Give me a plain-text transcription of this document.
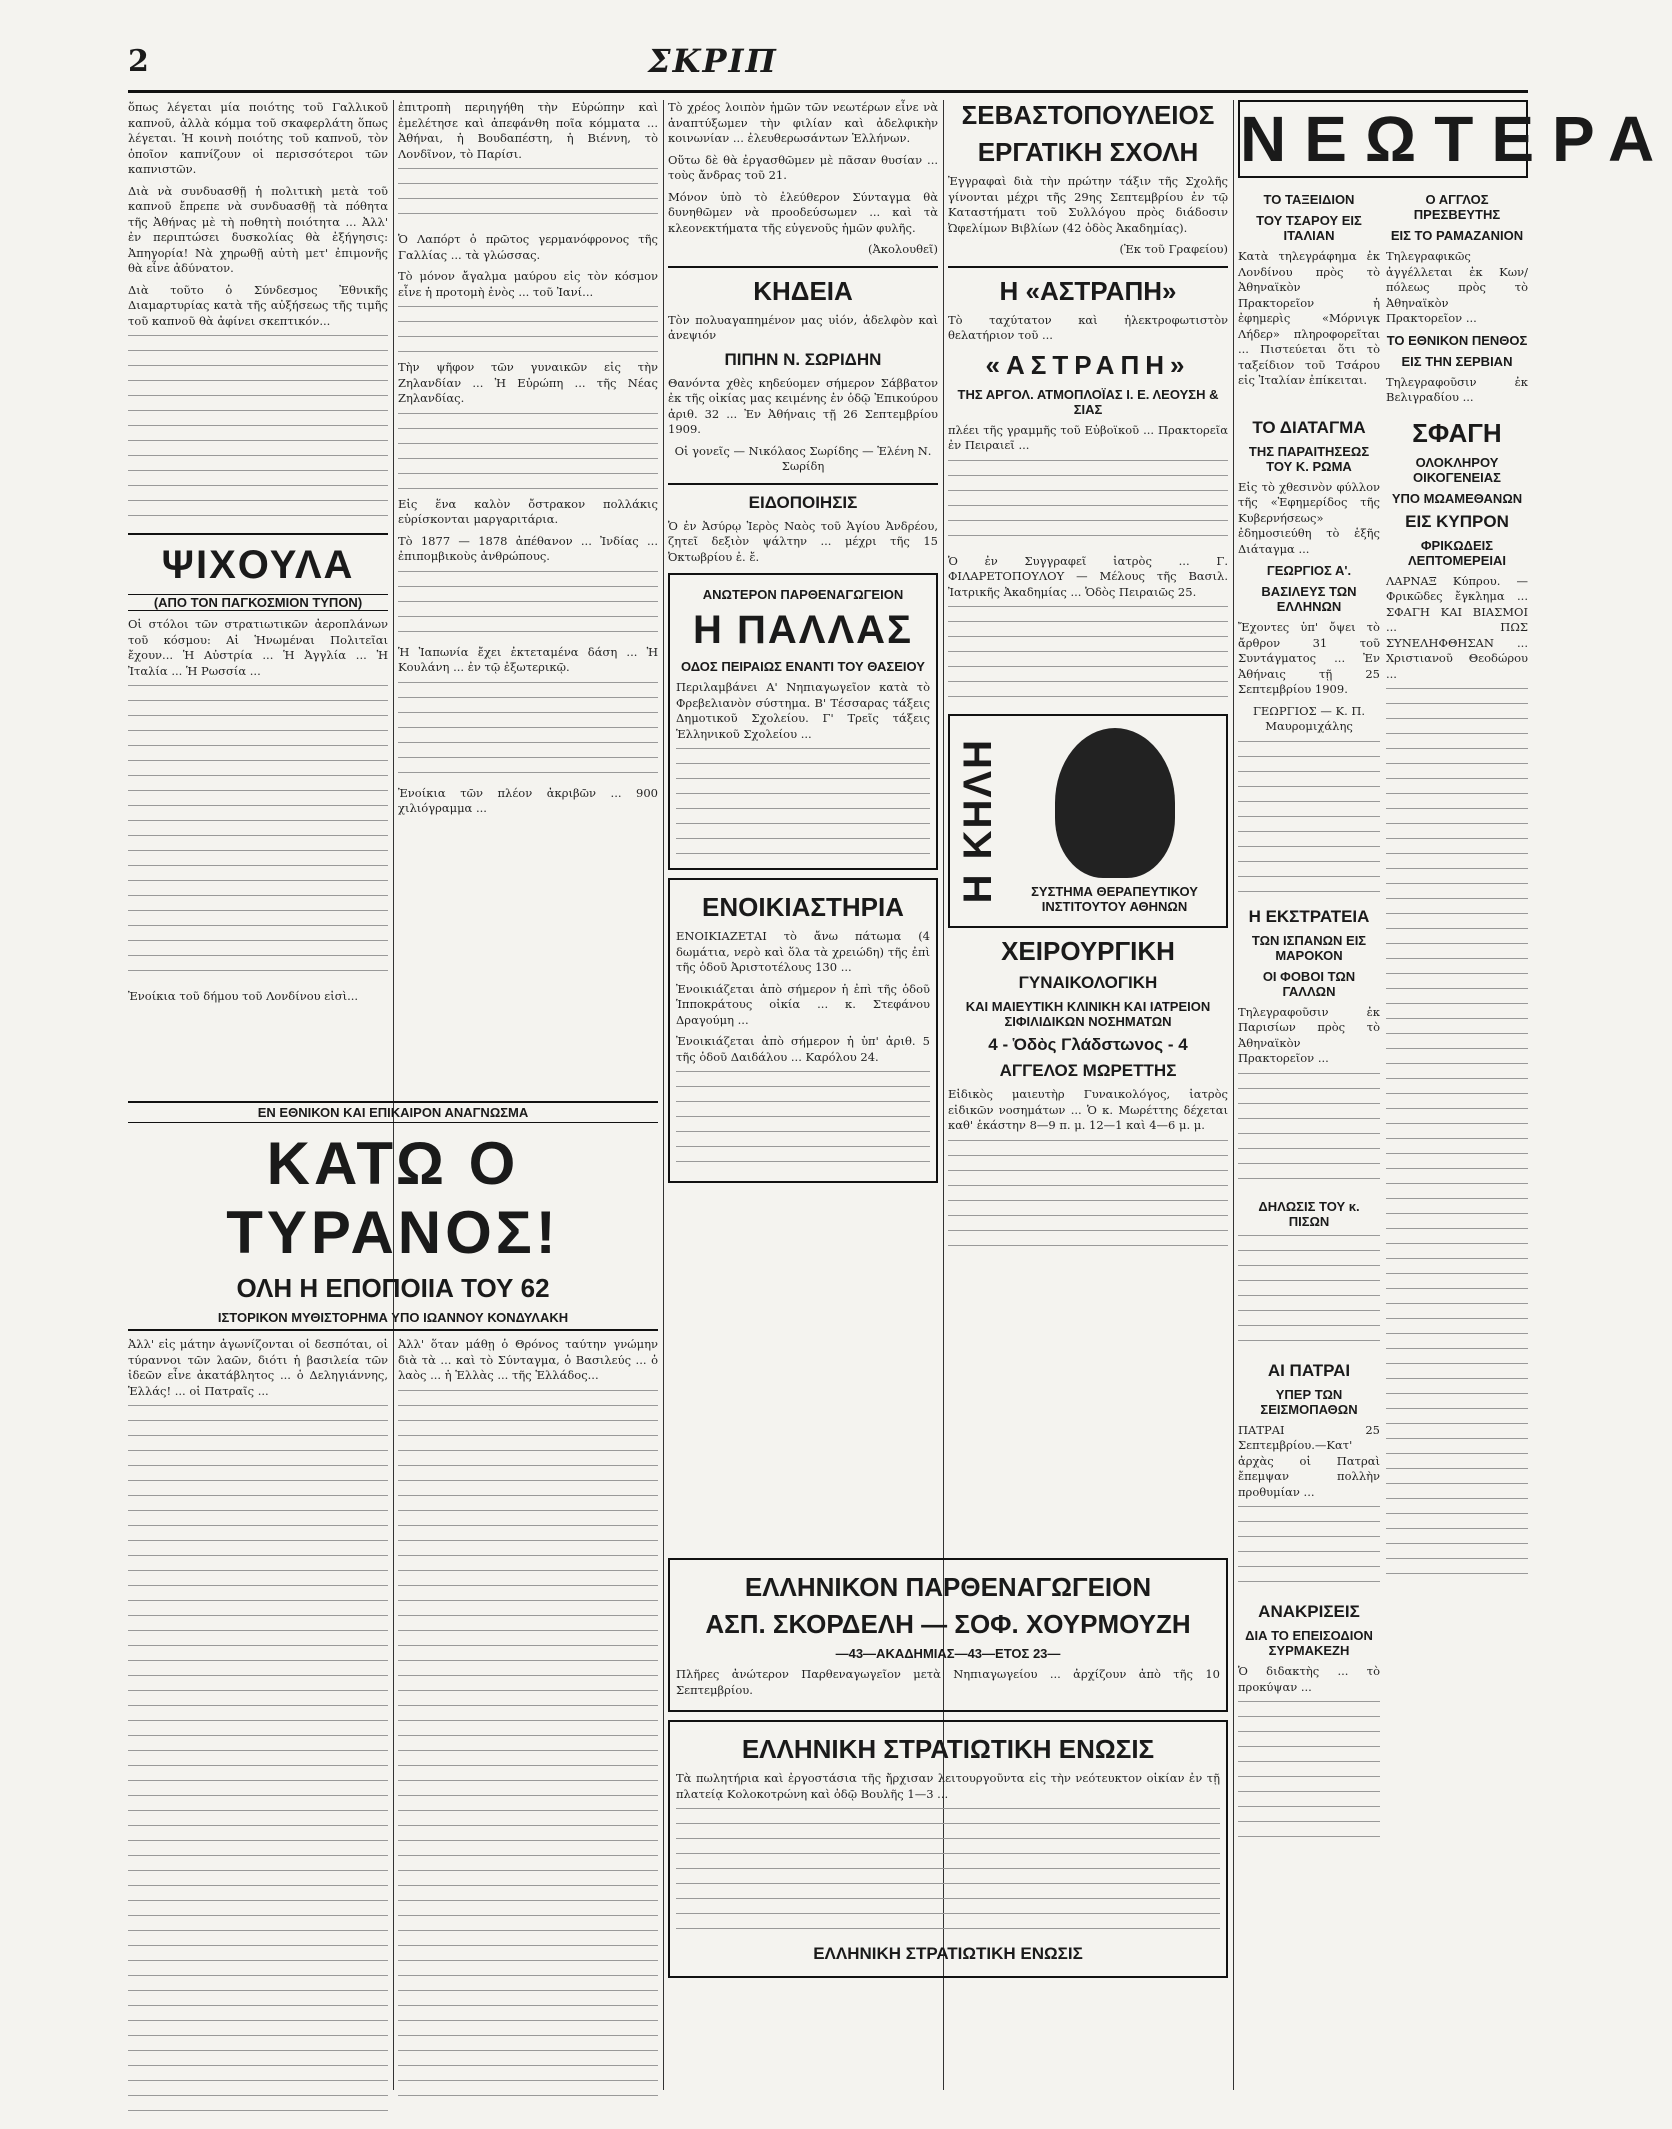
2	ΣΚΡΙΠ

ὅπως λέγεται μία ποιότης τοῦ Γαλλικοῦ καπνοῦ, ἀλλὰ κόμμα τοῦ σκαφερλάτη ὅπως λέγεται. Ἡ κοινὴ ποιότης τοῦ καπνοῦ, τὸν ὁποῖον καπνίζουν οἱ περισσότεροι τῶν καπνιστῶν.

Διὰ νὰ συνδυασθῇ ἡ πολιτικὴ μετὰ τοῦ καπνοῦ ἔπρεπε νὰ συνδυασθῇ τὰ πόθητα τῆς Ἀθήνας μὲ τὴ ποθητὴ ποιότητα ... Ἀλλ' ἐν περιπτώσει δυσκολίας θὰ ἐξήγησις: Ἀπηγορία! Νὰ χηρωθῇ αὐτὴ μετ' ἐπιμονῆς θὰ εἶνε ἀδύνατον.

Διὰ τοῦτο ὁ Σύνδεσμος Ἐθνικῆς Διαμαρτυρίας κατὰ τῆς αὐξήσεως τῆς τιμῆς τοῦ καπνοῦ θὰ ἀφίνει σκεπτικόν...

ΨΙΧΟΥΛΑ
(ΑΠΟ ΤΟΝ ΠΑΓΚΟΣΜΙΟΝ ΤΥΠΟΝ)

Οἱ στόλοι τῶν στρατιωτικῶν ἀεροπλάνων τοῦ κόσμου: Αἱ Ἡνωμέναι Πολιτεῖαι ἔχουν... Ἡ Αὐστρία ... Ἡ Ἀγγλία ... Ἡ Ἰταλία ... Ἡ Ρωσσία ...

Ἐνοίκια τοῦ δήμου τοῦ Λονδίνου εἰσὶ...

ἐπιτροπὴ περιηγήθη τὴν Εὐρώπην καὶ ἐμελέτησε καὶ ἀπεφάνθη ποῖα κόμματα ... Ἀθήναι, ἡ Βουδαπέστη, ἡ Βιέννη, τὸ Λονδῖνον, τὸ Παρίσι.

Ὁ Λαπόρτ ὁ πρῶτος γερμανόφρονος τῆς Γαλλίας ... τὰ γλώσσας.

Τὸ μόνον ἄγαλμα μαύρου εἰς τὸν κόσμον εἶνε ἡ προτομὴ ἑνὸς ... τοῦ Ἰανί...

Τὴν ψῆφον τῶν γυναικῶν εἰς τὴν Ζηλανδίαν ... Ἡ Εὐρώπη ... τῆς Νέας Ζηλανδίας.

Εἰς ἕνα καλὸν ὄστρακον πολλάκις εὑρίσκονται μαργαριτάρια.

Τὸ 1877 — 1878 ἀπέθανον ... Ἰνδίας ... ἐπιπομβικοὺς ἀνθρώπους.

Ἡ Ἰαπωνία ἔχει ἐκτεταμένα δάση ... Ἡ Κουλάνη ... ἐν τῷ ἐξωτερικῷ.

Ἐνοίκια τῶν πλέον ἀκριβῶν ... 900 χιλιόγραμμα ...

ΕΝ ΕΘΝΙΚΟΝ ΚΑΙ ΕΠΙΚΑΙΡΟΝ ΑΝΑΓΝΩΣΜΑ
ΚΑΤΩ Ο ΤΥΡΑΝΟΣ!
ΟΛΗ Η ΕΠΟΠΟΙΙΑ ΤΟΥ 62
ΙΣΤΟΡΙΚΟΝ ΜΥΘΙΣΤΟΡΗΜΑ ΥΠΟ ΙΩΑΝΝΟΥ ΚΟΝΔΥΛΑΚΗ

Ἀλλ' εἰς μάτην ἀγωνίζονται οἱ δεσπόται, οἱ τύραννοι τῶν λαῶν, διότι ἡ βασιλεία τῶν ἰδεῶν εἶνε ἀκατάβλητος ... ὁ Δεληγιάννης, Ἑλλάς! ... οἱ Πατραῖς ...

Ἀλλ' ὅταν μάθῃ ὁ Θρόνος ταύτην γνώμην διὰ τὰ ... καὶ τὸ Σύνταγμα, ὁ Βασιλεύς ... ὁ λαὸς ... ἡ Ἑλλὰς ... τῆς Ἑλλάδος...

Τὸ χρέος λοιπὸν ἡμῶν τῶν νεωτέρων εἶνε νὰ ἀναπτύξωμεν τὴν φιλίαν καὶ ἀδελφικὴν κοινωνίαν ... ἐλευθερωσάντων Ἑλλήνων.

Οὕτω δὲ θὰ ἐργασθῶμεν μὲ πᾶσαν θυσίαν ... τοὺς ἄνδρας τοῦ 21.

Μόνον ὑπὸ τὸ ἐλεύθερον Σύνταγμα θὰ δυνηθῶμεν νὰ προοδεύσωμεν ... καὶ τὰ κλεονεκτήματα τῆς εὐγενοῦς ἡμῶν φυλῆς.

(Ἀκολουθεῖ)

ΚΗΔΕΙΑ

Τὸν πολυαγαπημένον μας υἱόν, ἀδελφὸν καὶ ἀνεψιόν

ΠΙΠΗΝ Ν. ΣΩΡΙΔΗΝ

Θανόντα χθὲς κηδεύομεν σήμερον Σάββατον ἐκ τῆς οἰκίας μας κειμένης ἐν ὁδῷ Ἐπικούρου ἀριθ. 32 ... Ἐν Ἀθήναις τῇ 26 Σεπτεμβρίου 1909.

Οἱ γονεῖς — Νικόλαος Σωρίδης — Ἑλένη Ν. Σωρίδη

ΕΙΔΟΠΟΙΗΣΙΣ

Ὁ ἐν Ἀσύρῳ Ἱερὸς Ναὸς τοῦ Ἁγίου Ἀνδρέου, ζητεῖ δεξιὸν ψάλτην ... μέχρι τῆς 15 Ὀκτωβρίου ἐ. ἔ.

ΑΝΩΤΕΡΟΝ ΠΑΡΘΕΝΑΓΩΓΕΙΟΝ
Η ΠΑΛΛΑΣ
ΟΔΟΣ ΠΕΙΡΑΙΩΣ ΕΝΑΝΤΙ ΤΟΥ ΘΑΣΕΙΟΥ

Περιλαμβάνει Α' Νηπιαγωγεῖον κατὰ τὸ Φρεβελιανὸν σύστημα. Β' Τέσσαρας τάξεις Δημοτικοῦ Σχολείου. Γ' Τρεῖς τάξεις Ἑλληνικοῦ Σχολείου ...

ΕΝΟΙΚΙΑΣΤΗΡΙΑ

ΕΝΟΙΚΙΑΖΕΤΑΙ τὸ ἄνω πάτωμα (4 δωμάτια, νερὸ καὶ ὅλα τὰ χρειώδη) τῆς ἐπὶ τῆς ὁδοῦ Ἀριστοτέλους 130 ...

Ἐνοικιάζεται ἀπὸ σήμερον ἡ ἐπὶ τῆς ὁδοῦ Ἱπποκράτους οἰκία ... κ. Στεφάνου Δραγούμη ...

Ἐνοικιάζεται ἀπὸ σήμερον ἡ ὑπ' ἀριθ. 5 τῆς ὁδοῦ Δαιδάλου ... Καρόλου 24.

ΣΕΒΑΣΤΟΠΟΥΛΕΙΟΣ
ΕΡΓΑΤΙΚΗ ΣΧΟΛΗ

Ἐγγραφαὶ διὰ τὴν πρώτην τάξιν τῆς Σχολῆς γίνονται μέχρι τῆς 29ης Σεπτεμβρίου ἐν τῷ Καταστήματι τοῦ Συλλόγου πρὸς διάδοσιν Ὠφελίμων Βιβλίων (42 ὁδὸς Ἀκαδημίας).

(Ἐκ τοῦ Γραφείου)

Η «ΑΣΤΡΑΠΗ»

Τὸ ταχύτατον καὶ ἠλεκτροφωτιστὸν θελατήριον τοῦ ...

«ΑΣΤΡΑΠΗ»
ΤΗΣ ΑΡΓΟΛ. ΑΤΜΟΠΛΟΪΑΣ Ι. Ε. ΛΕΟΥΣΗ & ΣΙΑΣ

πλέει τῆς γραμμῆς τοῦ Εὐβοϊκοῦ ... Πρακτορεῖα ἐν Πειραιεῖ ...

Ὁ ἐν Συγγραφεῖ ἰατρὸς ... Γ. ΦΙΛΑΡΕΤΟΠΟΥΛΟΥ — Μέλους τῆς Βασιλ. Ἰατρικῆς Ἀκαδημίας ... Ὁδὸς Πειραιῶς 25.

Η ΚΗΛΗ	ΣΥΣΤΗΜΑ ΘΕΡΑΠΕΥΤΙΚΟΥ ΙΝΣΤΙΤΟΥΤΟΥ ΑΘΗΝΩΝ
ΧΕΙΡΟΥΡΓΙΚΗ
ΓΥΝΑΙΚΟΛΟΓΙΚΗ
ΚΑΙ ΜΑΙΕΥΤΙΚΗ ΚΛΙΝΙΚΗ ΚΑΙ ΙΑΤΡΕΙΟΝ ΣΙΦΙΛΙΔΙΚΩΝ ΝΟΣΗΜΑΤΩΝ
4 - Ὁδὸς Γλάδστωνος - 4
ΑΓΓΕΛΟΣ ΜΩΡΕΤΤΗΣ

Εἰδικὸς μαιευτὴρ Γυναικολόγος, ἰατρὸς εἰδικῶν νοσημάτων ... Ὁ κ. Μωρέττης δέχεται καθ' ἑκάστην 8—9 π. μ. 12—1 καὶ 4—6 μ. μ.

ΝΕΩΤΕΡΑ
ΤΟ ΤΑΞΕΙΔΙΟΝ
ΤΟΥ ΤΣΑΡΟΥ ΕΙΣ ΙΤΑΛΙΑΝ

Κατὰ τηλεγράφημα ἐκ Λονδίνου πρὸς τὸ Ἀθηναϊκὸν Πρακτορεῖον ἡ ἐφημερὶς «Μόρνιγκ Λήδερ» πληροφορεῖται ... Πιστεύεται ὅτι τὸ ταξείδιον τοῦ Τσάρου εἰς Ἰταλίαν ἐπίκειται.

Ο ΑΓΓΛΟΣ ΠΡΕΣΒΕΥΤΗΣ
ΕΙΣ ΤΟ ΡΑΜΑΖΑΝΙΟΝ

Τηλεγραφικῶς ἀγγέλλεται ἐκ Κων/πόλεως πρὸς τὸ Ἀθηναϊκὸν Πρακτορεῖον ...

ΤΟ ΕΘΝΙΚΟΝ ΠΕΝΘΟΣ
ΕΙΣ ΤΗΝ ΣΕΡΒΙΑΝ

Τηλεγραφοῦσιν ἐκ Βελιγραδίου ...

ΤΟ ΔΙΑΤΑΓΜΑ
ΤΗΣ ΠΑΡΑΙΤΗΣΕΩΣ ΤΟΥ Κ. ΡΩΜΑ

Εἰς τὸ χθεσινὸν φύλλον τῆς «Ἐφημερίδος τῆς Κυβερνήσεως» ἐδημοσιεύθη τὸ ἑξῆς Διάταγμα ...

ΓΕΩΡΓΙΟΣ Α'.
ΒΑΣΙΛΕΥΣ ΤΩΝ ΕΛΛΗΝΩΝ

Ἔχοντες ὑπ' ὄψει τὸ ἄρθρον 31 τοῦ Συντάγματος ... Ἐν Ἀθήναις τῇ 25 Σεπτεμβρίου 1909.

ΓΕΩΡΓΙΟΣ — Κ. Π. Μαυρομιχάλης

Η ΕΚΣΤΡΑΤΕΙΑ
ΤΩΝ ΙΣΠΑΝΩΝ ΕΙΣ ΜΑΡΟΚΟΝ
ΟΙ ΦΟΒΟΙ ΤΩΝ ΓΑΛΛΩΝ

Τηλεγραφοῦσιν ἐκ Παρισίων πρὸς τὸ Ἀθηναϊκὸν Πρακτορεῖον ...

ΔΗΛΩΣΙΣ ΤΟΥ κ. ΠΙΣΩΝ
ΑΙ ΠΑΤΡΑΙ
ΥΠΕΡ ΤΩΝ ΣΕΙΣΜΟΠΑΘΩΝ

ΠΑΤΡΑΙ 25 Σεπτεμβρίου.—Κατ' ἀρχὰς οἱ Πατραὶ ἔπεμψαν πολλὴν προθυμίαν ...

ΑΝΑΚΡΙΣΕΙΣ
ΔΙΑ ΤΟ ΕΠΕΙΣΟΔΙΟΝ ΣΥΡΜΑΚΕΖΗ

Ὁ διδακτὴς ... τὸ προκύψαν ...

ΣΦΑΓΗ
ΟΛΟΚΛΗΡΟΥ ΟΙΚΟΓΕΝΕΙΑΣ
ΥΠΟ ΜΩΑΜΕΘΑΝΩΝ
ΕΙΣ ΚΥΠΡΟΝ
ΦΡΙΚΩΔΕΙΣ ΛΕΠΤΟΜΕΡΕΙΑΙ

ΛΑΡΝΑΞ Κύπρου. — Φρικῶδες ἔγκλημα ... ΣΦΑΓΗ ΚΑΙ ΒΙΑΣΜΟΙ ... ΠΩΣ ΣΥΝΕΛΗΦΘΗΣΑΝ ... Χριστιανοῦ Θεοδώρου ...

ΕΛΛΗΝΙΚΟΝ ΠΑΡΘΕΝΑΓΩΓΕΙΟΝ
ΑΣΠ. ΣΚΟΡΔΕΛΗ — ΣΟΦ. ΧΟΥΡΜΟΥΖΗ
—43—ΑΚΑΔΗΜΙΑΣ—43—ΕΤΟΣ 23—

Πλῆρες ἀνώτερον Παρθεναγωγεῖον μετὰ Νηπιαγωγείου ... ἀρχίζουν ἀπὸ τῆς 10 Σεπτεμβρίου.

ΕΛΛΗΝΙΚΗ ΣΤΡΑΤΙΩΤΙΚΗ ΕΝΩΣΙΣ

Τὰ πωλητήρια καὶ ἐργοστάσια τῆς ἤρχισαν λειτουργοῦντα εἰς τὴν νεότευκτον οἰκίαν ἐν τῇ πλατείᾳ Κολοκοτρώνη καὶ ὁδῷ Βουλῆς 1—3 ...

ΕΛΛΗΝΙΚΗ ΣΤΡΑΤΙΩΤΙΚΗ ΕΝΩΣΙΣ
